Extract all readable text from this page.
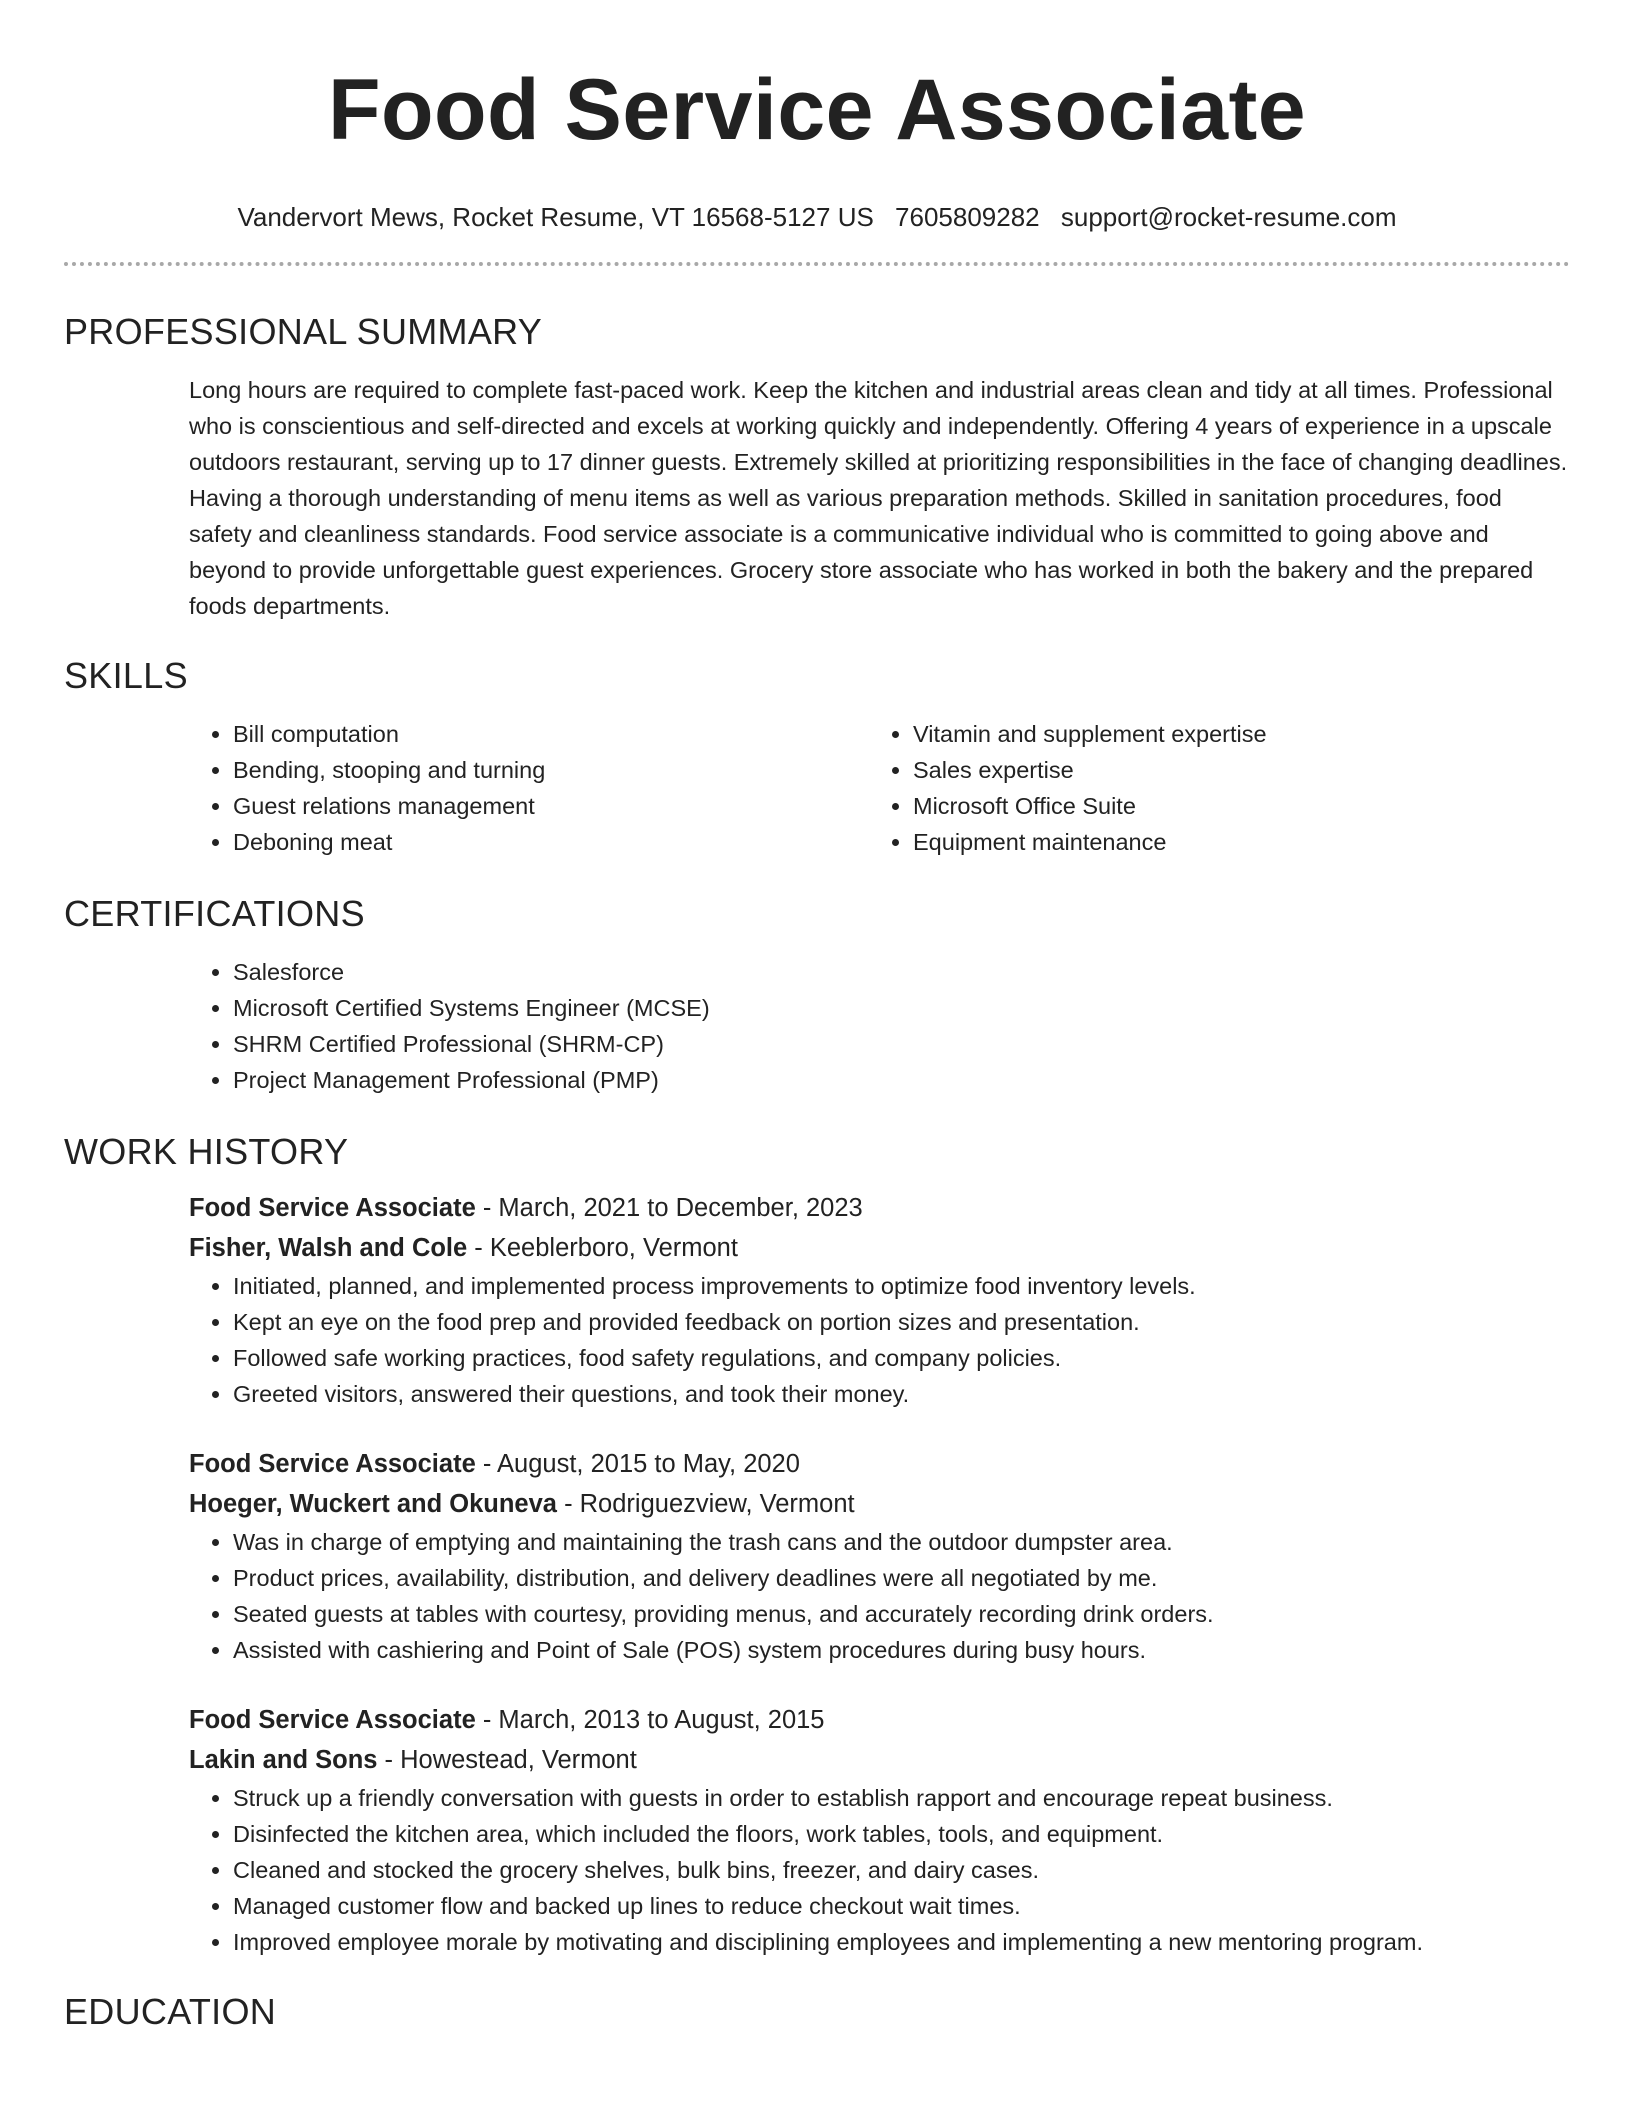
Food Service Associate
Vandervort Mews, Rocket Resume, VT 16568-5127 US 7605809282 support@rocket-resume.com
PROFESSIONAL SUMMARY

Long hours are required to complete fast-paced work. Keep the kitchen and industrial areas clean and tidy at all times. Professional who is conscientious and self-directed and excels at working quickly and independently. Offering 4 years of experience in a upscale outdoors restaurant, serving up to 17 dinner guests. Extremely skilled at prioritizing responsibilities in the face of changing deadlines. Having a thorough understanding of menu items as well as various preparation methods. Skilled in sanitation procedures, food safety and cleanliness standards. Food service associate is a communicative individual who is committed to going above and beyond to provide unforgettable guest experiences. Grocery store associate who has worked in both the bakery and the prepared foods departments.

SKILLS
• Bill computation
• Bending, stooping and turning
• Guest relations management
• Deboning meat
• Vitamin and supplement expertise
• Sales expertise
• Microsoft Office Suite
• Equipment maintenance
CERTIFICATIONS
• Salesforce
• Microsoft Certified Systems Engineer (MCSE)
• SHRM Certified Professional (SHRM-CP)
• Project Management Professional (PMP)
WORK HISTORY
Food Service Associate - March, 2021 to December, 2023
Fisher, Walsh and Cole - Keeblerboro, Vermont
• Initiated, planned, and implemented process improvements to optimize food inventory levels.
• Kept an eye on the food prep and provided feedback on portion sizes and presentation.
• Followed safe working practices, food safety regulations, and company policies.
• Greeted visitors, answered their questions, and took their money.
Food Service Associate - August, 2015 to May, 2020
Hoeger, Wuckert and Okuneva - Rodriguezview, Vermont
• Was in charge of emptying and maintaining the trash cans and the outdoor dumpster area.
• Product prices, availability, distribution, and delivery deadlines were all negotiated by me.
• Seated guests at tables with courtesy, providing menus, and accurately recording drink orders.
• Assisted with cashiering and Point of Sale (POS) system procedures during busy hours.
Food Service Associate - March, 2013 to August, 2015
Lakin and Sons - Howestead, Vermont
• Struck up a friendly conversation with guests in order to establish rapport and encourage repeat business.
• Disinfected the kitchen area, which included the floors, work tables, tools, and equipment.
• Cleaned and stocked the grocery shelves, bulk bins, freezer, and dairy cases.
• Managed customer flow and backed up lines to reduce checkout wait times.
• Improved employee morale by motivating and disciplining employees and implementing a new mentoring program.
EDUCATION
